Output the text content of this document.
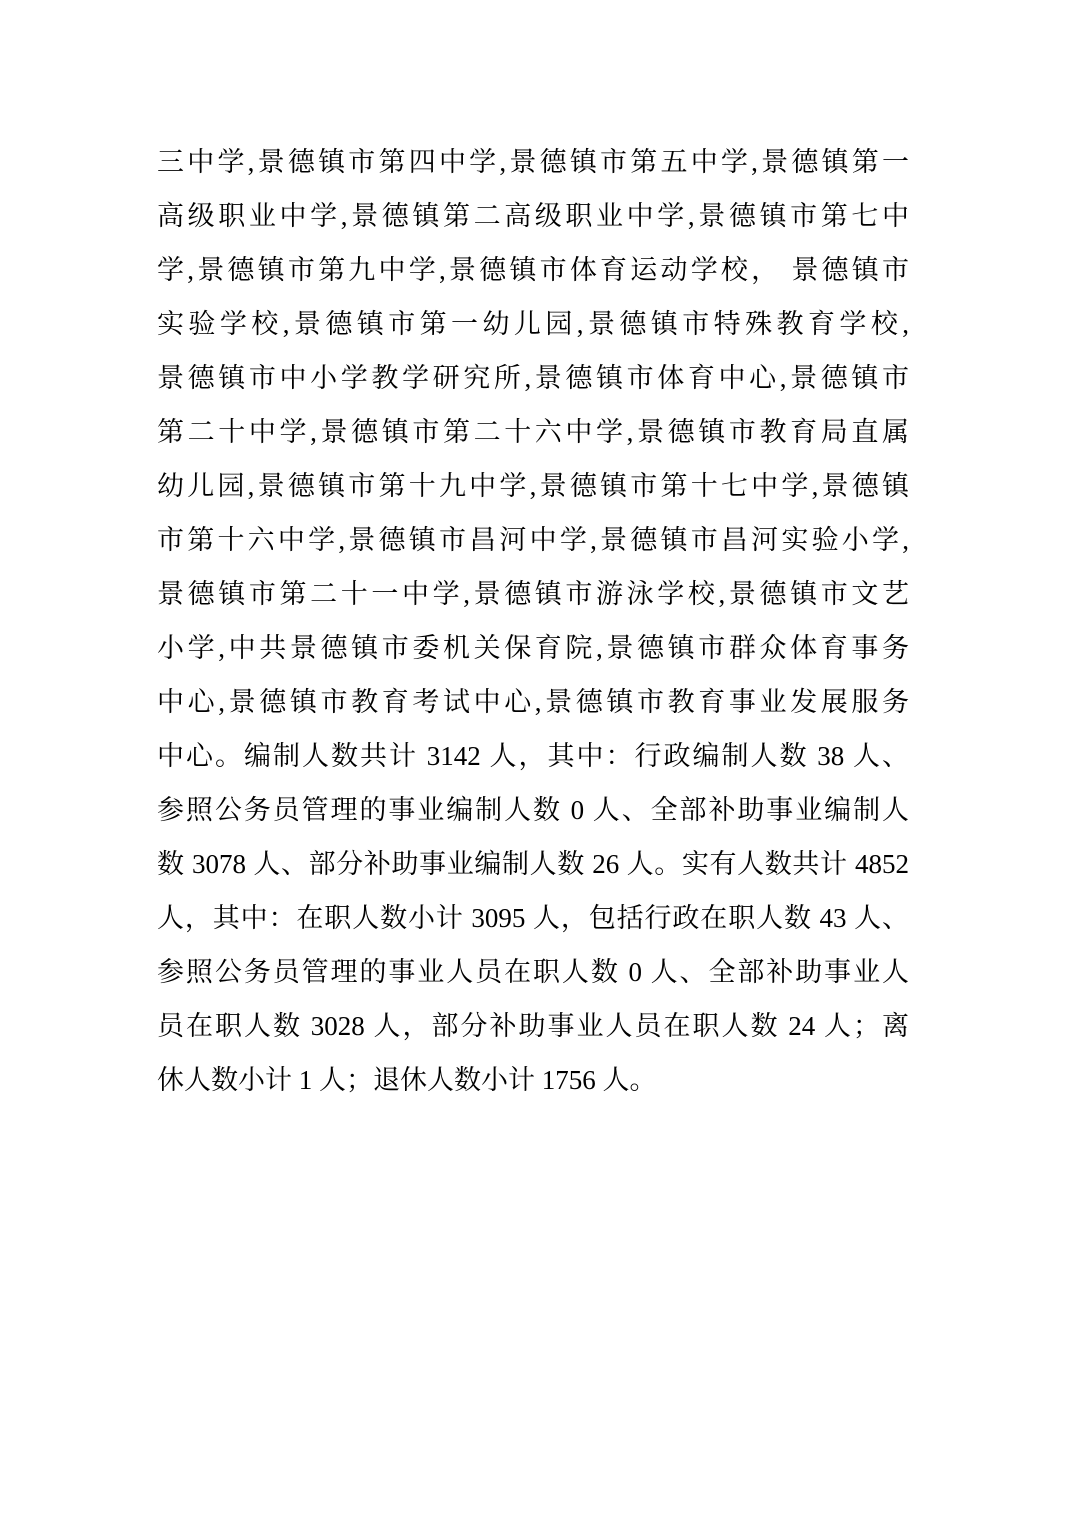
三中学,景德镇市第四中学,景德镇市第五中学,景德镇第一
高级职业中学,景德镇第二高级职业中学,景德镇市第七中
学,景德镇市第九中学,景德镇市体育运动学校， 景德镇市
实验学校,景德镇市第一幼儿园,景德镇市特殊教育学校,
景德镇市中小学教学研究所,景德镇市体育中心,景德镇市
第二十中学,景德镇市第二十六中学,景德镇市教育局直属
幼儿园,景德镇市第十九中学,景德镇市第十七中学,景德镇
市第十六中学,景德镇市昌河中学,景德镇市昌河实验小学,
景德镇市第二十一中学,景德镇市游泳学校,景德镇市文艺
小学,中共景德镇市委机关保育院,景德镇市群众体育事务
中心,景德镇市教育考试中心,景德镇市教育事业发展服务
中心。编制人数共计 3142 人，其中：行政编制人数 38 人、
参照公务员管理的事业编制人数 0 人、全部补助事业编制人
数 3078 人、部分补助事业编制人数 26 人。实有人数共计 4852
人，其中：在职人数小计 3095 人，包括行政在职人数 43 人、
参照公务员管理的事业人员在职人数 0 人、全部补助事业人
员在职人数 3028 人，部分补助事业人员在职人数 24 人；离
休人数小计 1 人；退休人数小计 1756 人。
